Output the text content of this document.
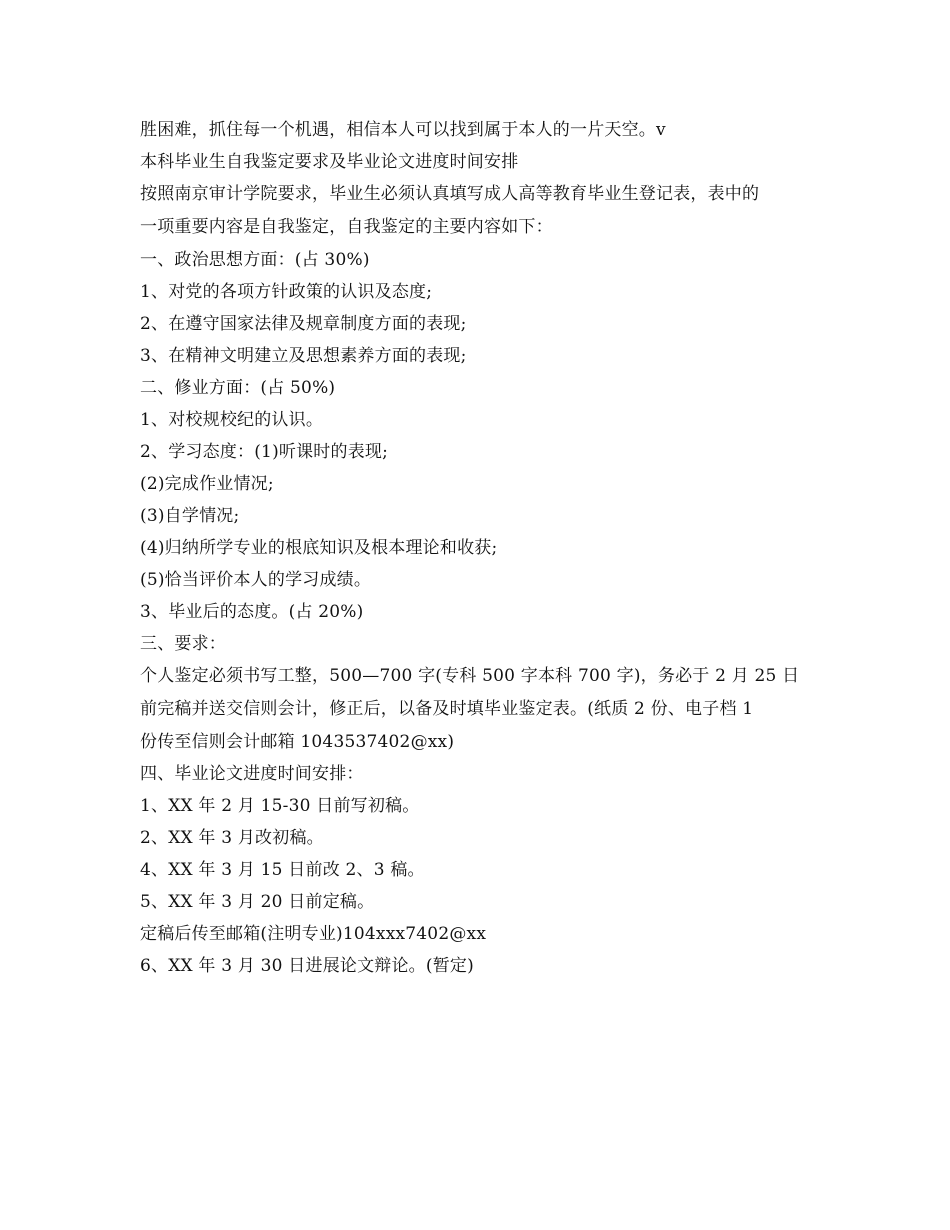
胜困难，抓住每一个机遇，相信本人可以找到属于本人的一片天空。v
本科毕业生自我鉴定要求及毕业论文进度时间安排
按照南京审计学院要求，毕业生必须认真填写成人高等教育毕业生登记表，表中的
一项重要内容是自我鉴定，自我鉴定的主要内容如下：
一、政治思想方面：(占 30%)
1、对党的各项方针政策的认识及态度;
2、在遵守国家法律及规章制度方面的表现;
3、在精神文明建立及思想素养方面的表现;
二、修业方面：(占 50%)
1、对校规校纪的认识。
2、学习态度：(1)听课时的表现;
(2)完成作业情况;
(3)自学情况;
(4)归纳所学专业的根底知识及根本理论和收获;
(5)恰当评价本人的学习成绩。
3、毕业后的态度。(占 20%)
三、要求：
个人鉴定必须书写工整，500—700 字(专科 500 字本科 700 字)，务必于 2 月 25 日
前完稿并送交信则会计，修正后，以备及时填毕业鉴定表。(纸质 2 份、电子档 1
份传至信则会计邮箱 1043537402@xx)
四、毕业论文进度时间安排：
1、XX 年 2 月 15-30 日前写初稿。
2、XX 年 3 月改初稿。
4、XX 年 3 月 15 日前改 2、3 稿。
5、XX 年 3 月 20 日前定稿。
定稿后传至邮箱(注明专业)104xxx7402@xx
6、XX 年 3 月 30 日进展论文辩论。(暂定)
